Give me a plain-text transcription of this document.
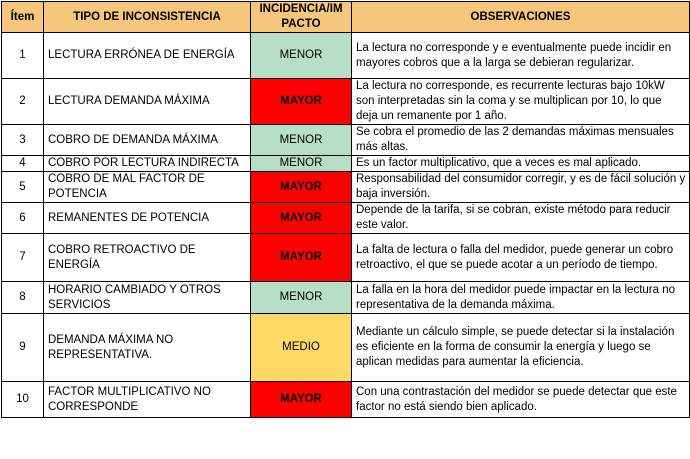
Ítem	TIPO DE INCONSISTENCIA	INCIDENCIA/IM PACTO	OBSERVACIONES
1	LECTURA ERRÓNEA DE ENERGÍA	MENOR	La lectura no corresponde y e eventualmente puede incidir en mayores cobros que a la larga se debieran regularizar.
2	LECTURA DEMANDA MÁXIMA	MAYOR	La lectura no corresponde, es recurrente lecturas bajo 10kW son interpretadas sin la coma y se multiplican por 10, lo que deja un remanente por 1 año.
3	COBRO DE DEMANDA MÁXIMA	MENOR	Se cobra el promedio de las 2 demandas máximas mensuales más altas.
4	COBRO POR LECTURA INDIRECTA	MENOR	Es un factor multiplicativo, que a veces es mal aplicado.
5	COBRO DE MAL FACTOR DE POTENCIA	MAYOR	Responsabilidad del consumidor corregir, y es de fácil solución y baja inversión.
6	REMANENTES DE POTENCIA	MAYOR	Depende de la tarifa, si se cobran, existe método para reducir este valor.
7	COBRO RETROACTIVO DE ENERGÍA	MAYOR	La falta de lectura o falla del medidor, puede generar un cobro retroactivo, el que se puede acotar a un período de tiempo.
8	HORARIO CAMBIADO Y OTROS SERVICIOS	MENOR	La falla en la hora del medidor puede impactar en la lectura no representativa de la demanda máxima.
9	DEMANDA MÁXIMA NO REPRESENTATIVA.	MEDIO	Mediante un cálculo simple, se puede detectar si la instalación es eficiente en la forma de consumir la energía y luego se aplican medidas para aumentar la eficiencia.
10	FACTOR MULTIPLICATIVO NO CORRESPONDE	MAYOR	Con una contrastación del medidor se puede detectar que este factor no está siendo bien aplicado.
